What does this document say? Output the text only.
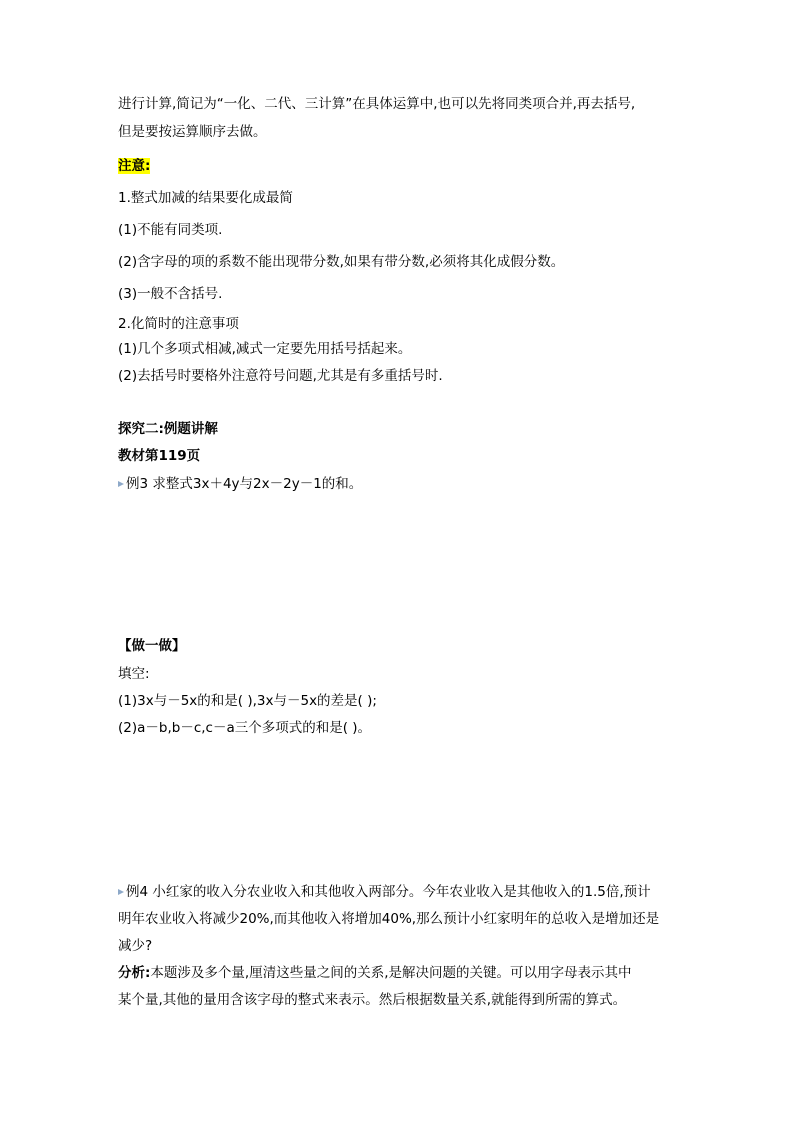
进行计算,简记为“一化、二代、三计算”在具体运算中,也可以先将同类项合并,再去括号,
但是要按运算顺序去做。
注意:
1.整式加减的结果要化成最简
(1)不能有同类项.
(2)含字母的项的系数不能出现带分数,如果有带分数,必须将其化成假分数。
(3)一般不含括号.
2.化简时的注意事项
(1)几个多项式相减,减式一定要先用括号括起来。
(2)去括号时要格外注意符号问题,尤其是有多重括号时.
探究二:例题讲解
教材第119页
例3 求整式3x＋4y与2x－2y－1的和。
【做一做】
填空:
(1)3x与－5x的和是( ),3x与－5x的差是( );
(2)a－b,b－c,c－a三个多项式的和是( )。
例4 小红家的收入分农业收入和其他收入两部分。今年农业收入是其他收入的1.5倍,预计
明年农业收入将减少20%,而其他收入将增加40%,那么预计小红家明年的总收入是增加还是
减少?
分析:本题涉及多个量,厘清这些量之间的关系,是解决问题的关键。可以用字母表示其中
某个量,其他的量用含该字母的整式来表示。然后根据数量关系,就能得到所需的算式。
